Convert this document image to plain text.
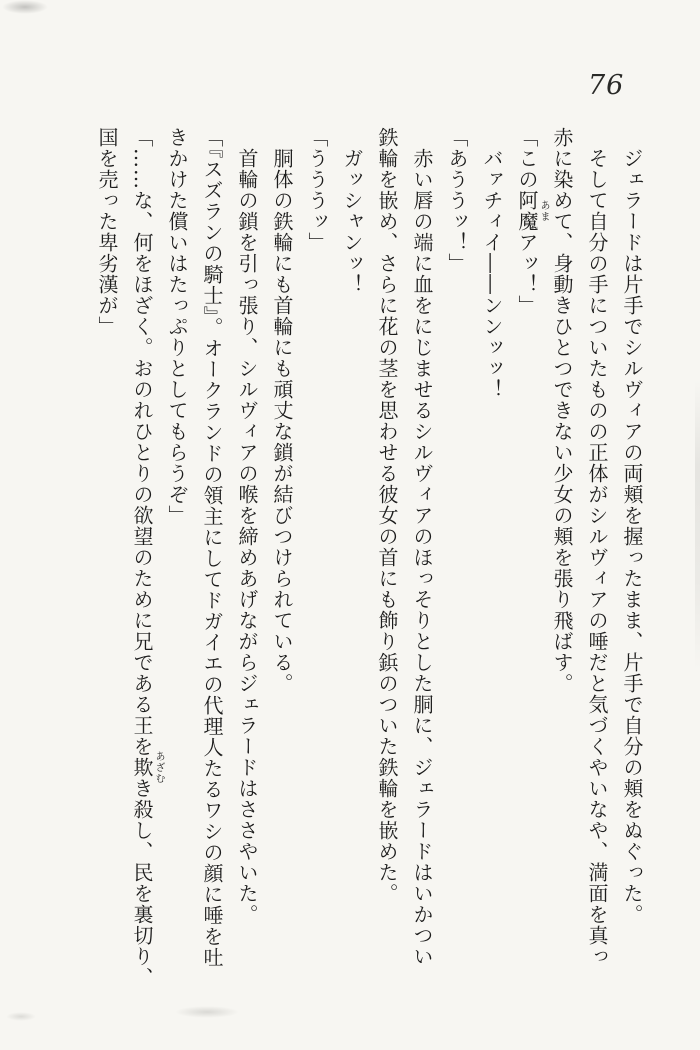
76
ジェラードは片手でシルヴィアの両頬を握ったまま、片手で自分の頬をぬぐった。
そして自分の手についたものの正体がシルヴィアの唾だと気づくやいなや、満面を真っ
赤に染めて、身動きひとつできない少女の頬を張り飛ばす。
「この阿魔アッ！」
バァチィイ――ンンッッ！
「あううッ！」
赤い唇の端に血をにじませるシルヴィアのほっそりとした胴に、ジェラードはいかつい
鉄輪を嵌め、さらに花の茎を思わせる彼女の首にも飾り鋲のついた鉄輪を嵌めた。
ガッシャンッ！
「うううッ」
胴体の鉄輪にも首輪にも頑丈な鎖が結びつけられている。
首輪の鎖を引っ張り、シルヴィアの喉を締めあげながらジェラードはささやいた。
「『スズランの騎士』。オークランドの領主にしてドガイエの代理人たるワシの顔に唾を吐
きかけた償いはたっぷりとしてもらうぞ」
「……な、何をほざく。おのれひとりの欲望のために兄である王を欺き殺し、民を裏切り、
国を売った卑劣漢が」	あま
あざむ
